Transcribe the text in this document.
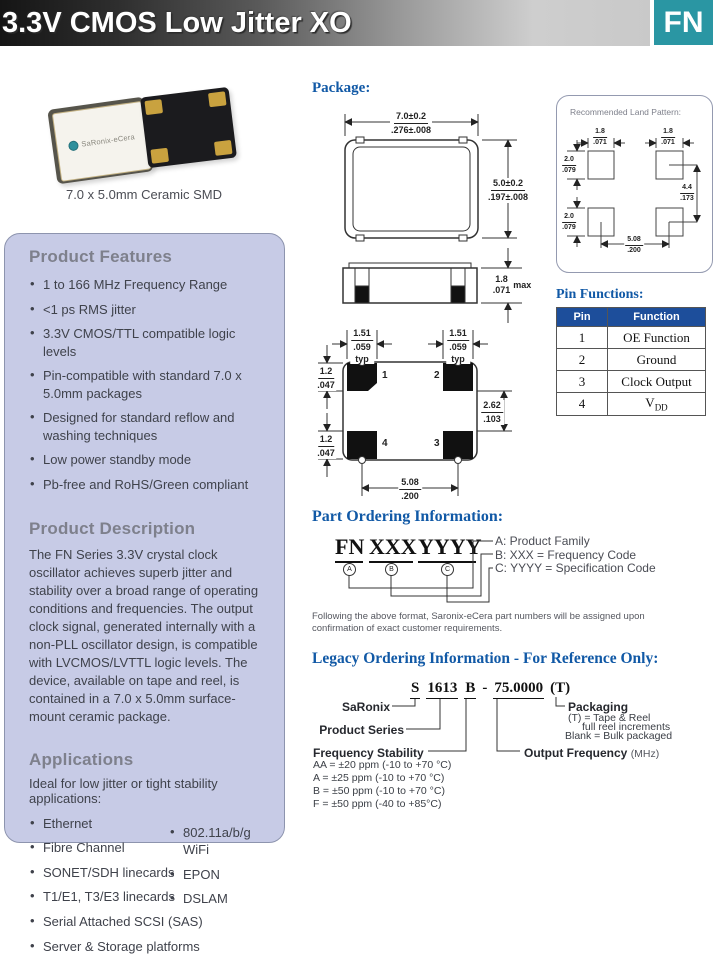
3.3V CMOS Low Jitter XO	FN
SaRonix-eCera
7.0 x 5.0mm Ceramic SMD
Product Features
• 1 to 166 MHz Frequency Range
• <1 ps RMS jitter
• 3.3V CMOS/TTL compatible logic levels
• Pin-compatible with standard 7.0 x 5.0mm packages
• Designed for standard reflow and washing techniques
• Low power standby mode
• Pb-free and RoHS/Green compliant
Product Description

The FN Series 3.3V crystal clock oscillator achieves superb jitter and stability over a broad range of operating conditions and frequencies. The output clock signal, generated internally with a non-PLL oscillator design, is compatible with LVCMOS/LVTTL logic levels. The device, available on tape and reel, is contained in a 7.0 x 5.0mm surface-mount ceramic package.

Applications

Ideal for low jitter or tight stability applications:

• Ethernet
• Fibre Channel
• SONET/SDH linecards
• T1/E1, T3/E3 linecards
• Serial Attached SCSI (SAS)
• Server & Storage platforms
• 802.11a/b/g WiFi
• EPON
• DSLAM
Package:
7.0±0.2
.276±.008
5.0±0.2
.197±.008
1.8
.071 max
1.51
.059
typ
1.51
.059
typ
1.2
.047
1.2
.047
2.62
.103
5.08
.200
1	2
4	3
Recommended Land Pattern:
1.8
.071
1.8
.071
2.0
.079
2.0
.079
4.4
.173
5.08
.200
Pin Functions:
Pin	Function
1	OE Function
2	Ground
3	Clock Output
4	$V_{DD}$
Part Ordering Information:
FN XXX YYYY
A	B	C
A: Product Family
B: XXX = Frequency Code
C: YYYY = Specification Code
Following the above format, Saronix-eCera part numbers will be assigned upon
confirmation of exact customer requirements.
Legacy Ordering Information - For Reference Only:
S 1613 B - 75.0000 (T)
SaRonix
Product Series
Frequency Stability	Output Frequency (MHz)
Packaging
(T) = Tape & Reel
full reel increments
Blank = Bulk packaged
AA = ±20 ppm (-10 to +70 °C)
A = ±25 ppm (-10 to +70 °C)
B = ±50 ppm (-10 to +70 °C)
F = ±50 ppm (-40 to +85°C)
